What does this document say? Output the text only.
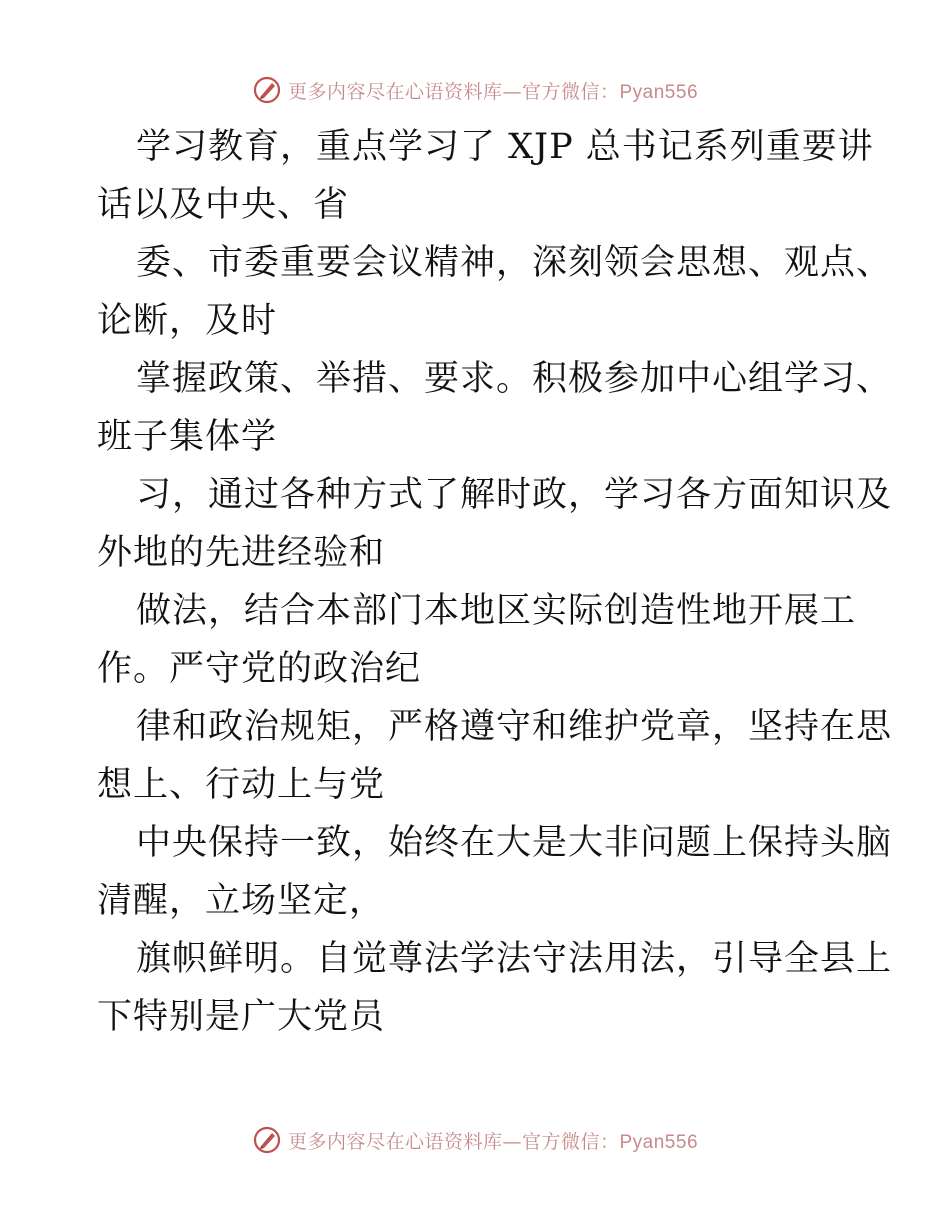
更多内容尽在心语资料库—官方微信：Pyan556

学习教育，重点学习了 XJP 总书记系列重要讲
话以及中央、省

委、市委重要会议精神，深刻领会思想、观点、
论断，及时

掌握政策、举措、要求。积极参加中心组学习、
班子集体学

习，通过各种方式了解时政，学习各方面知识及
外地的先进经验和

做法，结合本部门本地区实际创造性地开展工
作。严守党的政治纪

律和政治规矩，严格遵守和维护党章，坚持在思
想上、行动上与党

中央保持一致，始终在大是大非问题上保持头脑
清醒，立场坚定，

旗帜鲜明。自觉尊法学法守法用法，引导全县上
下特别是广大党员

更多内容尽在心语资料库—官方微信：Pyan556
